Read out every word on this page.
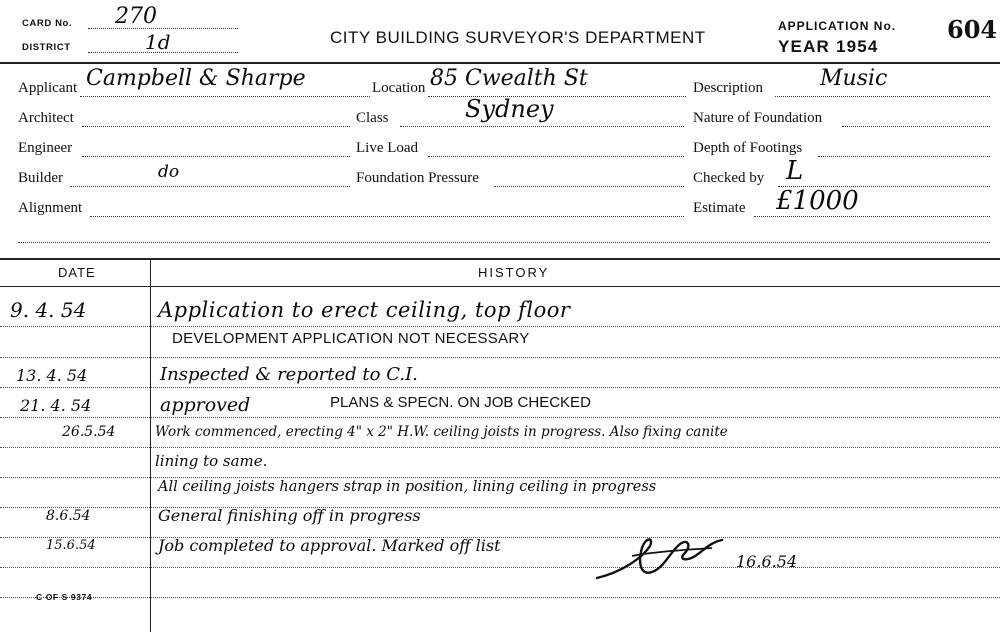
CARD No. 270
DISTRICT	1d	CITY BUILDING SURVEYOR'S DEPARTMENT
APPLICATION No. 604
YEAR 1954
Applicant Campbell & Sharpe	Location 85 Cwealth St	Description	Music
Architect	Class	Sydney	Nature of Foundation
Engineer	Live Load	Depth of Footings
Builder	do	Foundation Pressure	Checked by L
Alignment	Estimate £1000
DATE	HISTORY
9. 4. 54	Application to erect ceiling, top floor
DEVELOPMENT APPLICATION NOT NECESSARY
13. 4. 54	Inspected & reported to C.I.
21. 4. 54	approved	PLANS & SPECN. ON JOB CHECKED
26.5.54	Work commenced, erecting 4" x 2" H.W. ceiling joists in progress. Also fixing canite
lining to same.
All ceiling joists hangers strap in position, lining ceiling in progress
8.6.54	General finishing off in progress
15.6.54	Job completed to approval. Marked off list
16.6.54
C OF S 9374
